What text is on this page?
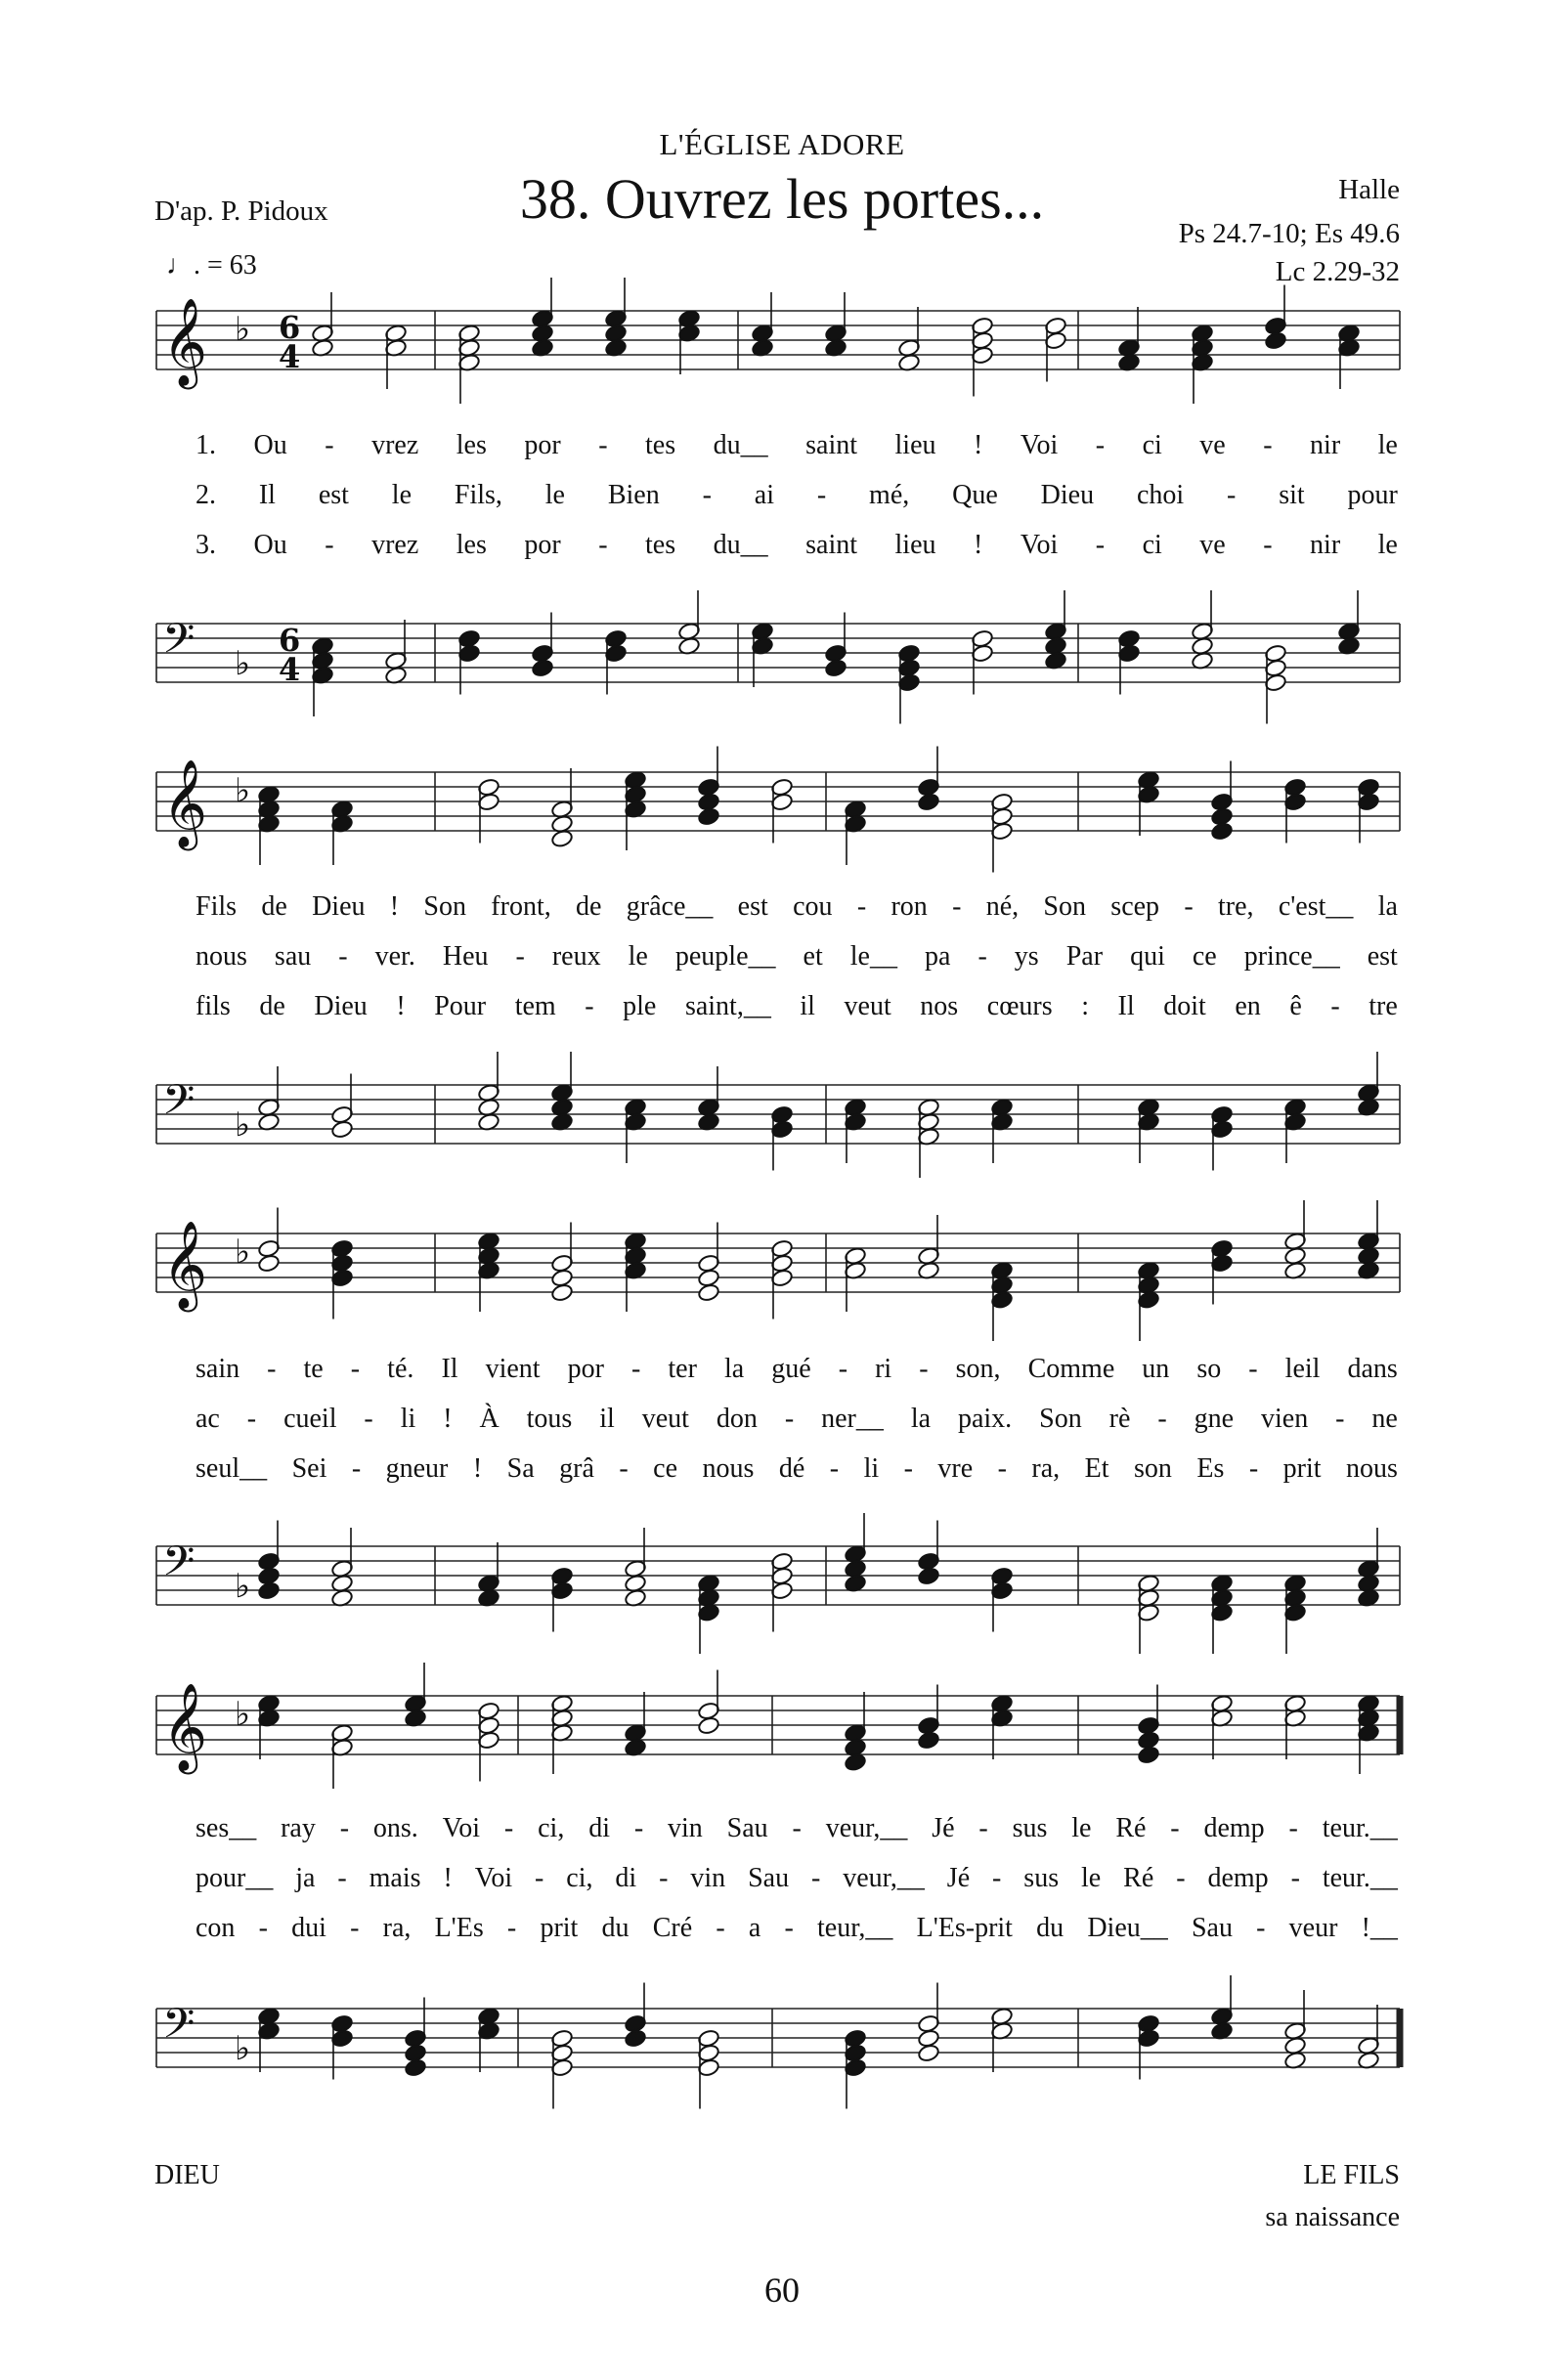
L'ÉGLISE ADORE
38. Ouvrez les portes...
D'ap. P. Pidoux
♩. = 63
Halle
Ps 24.7-10; Es 49.6
Lc 2.29-32
𝄞 ♭ 6
4
𝄞 ♭
𝄞 ♭
𝄞 ♭
𝄢 ♭
6
4
𝄢 ♭
𝄢 ♭
𝄢 ♭
1. Ou - vrez les por - tes du__ saint lieu ! Voi - ci ve - nir le
2. Il est le Fils, le Bien - ai - mé, Que Dieu choi - sit pour
3. Ou - vrez les por - tes du__ saint lieu ! Voi - ci ve - nir le
Fils de Dieu ! Son front, de grâce__ est cou - ron - né, Son scep - tre, c'est__ la
nous sau - ver. Heu - reux le peuple__ et le__ pa - ys Par qui ce prince__ est
fils de Dieu ! Pour tem - ple saint,__ il veut nos cœurs : Il doit en ê - tre
sain - te - té. Il vient por - ter la gué - ri - son, Comme un so - leil dans
ac - cueil - li ! À tous il veut don - ner__ la paix. Son rè - gne vien - ne
seul__ Sei - gneur ! Sa grâ - ce nous dé - li - vre - ra, Et son Es - prit nous
ses__ ray - ons. Voi - ci, di - vin Sau - veur,__ Jé - sus le Ré - demp - teur.__
pour__ ja - mais ! Voi - ci, di - vin Sau - veur,__ Jé - sus le Ré - demp - teur.__
con - dui - ra, L'Es - prit du Cré - a - teur,__ L'Es-prit du Dieu__ Sau - veur !__
DIEU	LE FILS
sa naissance
60
